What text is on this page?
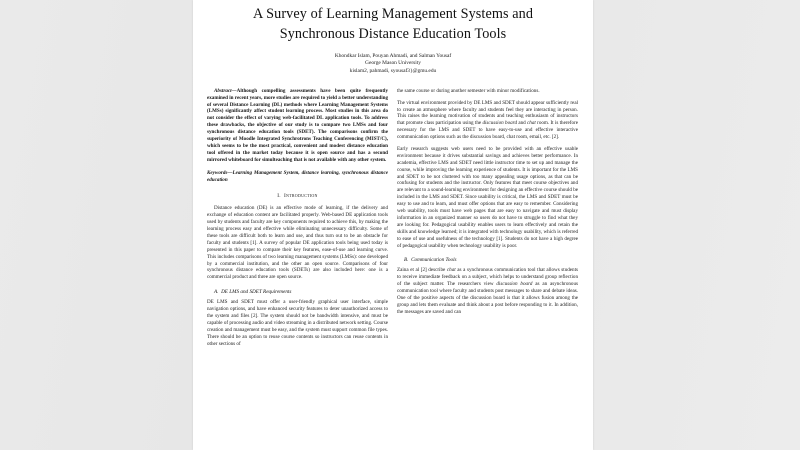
A Survey of Learning Management Systems and
Synchronous Distance Education Tools
Khondkar Islam, Pouyan Ahmadi, and Salman Yousaf
George Mason University
kislam2, pahmadi, syousaf3}@gmu.edu

Abstract—Although compelling assessments have been quite frequently examined in recent years, more studies are required to yield a better understanding of several Distance Learning (DL) methods where Learning Management Systems (LMSs) significantly affect student learning process. Most studies in this area do not consider the effect of varying web-facilitated DL application tools. To address these drawbacks, the objective of our study is to compare two LMSs and four synchronous distance education tools (SDET). The comparisons confirm the superiority of Moodle Integrated Synchrotrons Teaching Conferencing (MIST/C), which seems to be the most practical, convenient and modest distance education tool offered in the market today because it is open source and has a second mirrored whiteboard for simulteaching that is not available with any other system.

Keywords—Learning Management System, distance learning, synchronous distance education

I. Introduction

Distance education (DE) is an effective mode of learning, if the delivery and exchange of education content are facilitated properly. Web-based DE application tools used by students and faculty are key components required to achieve this, by making the learning process easy and effective while eliminating unnecessary difficulty. Some of these tools are difficult both to learn and use, and thus turn out to be an obstacle for faculty and students [1]. A survey of popular DE application tools being used today is presented in this paper to compare their key features, ease-of-use and learning curve. This includes comparisons of two learning management systems (LMSs): one developed by a commercial institution, and the other an open source. Comparisons of four synchronous distance education tools (SDETs) are also included here: one is a commercial product and three are open source.

A. DE LMS and SDET Requirements

DE LMS and SDET must offer a user-friendly graphical user interface, simple navigation options, and have enhanced security features to deter unauthorized access to the system and files [2]. The system should not be bandwidth intensive, and must be capable of processing audio and video streaming in a distributed network setting. Course creation and management must be easy, and the system must support common file types. There should be an option to reuse course contents so instructors can reuse contents in other sections of

the same course or during another semester with minor modifications.

The virtual environment provided by DE LMS and SDET should appear sufficiently real to create an atmosphere where faculty and students feel they are interacting in person. This raises the learning motivation of students and teaching enthusiasm of instructors that promote class participation using the discussion board and chat room. It is therefore necessary for the LMS and SDET to have easy-to-use and effective interactive communication options such as the discussion board, chat room, email, etc. [2].

Early research suggests web users need to be provided with an effective usable environment because it drives substantial savings and achieves better performance. In academia, effective LMS and SDET need little instructor time to set up and manage the course, while improving the learning experience of students. It is important for the LMS and SDET to be not cluttered with too many appealing usage options, as that can be confusing for students and the instructor. Only features that meet course objectives and are relevant to a sound-learning environment for designing an effective course should be included in the LMS and SDET. Since usability is critical, the LMS and SDET must be easy to use and to learn, and must offer options that are easy to remember. Considering web usability, tools must have web pages that are easy to navigate and must display information in an organized manner so users do not have to struggle to find what they are looking for. Pedagogical usability enables users to learn effectively and retain the skills and knowledge learned; it is integrated with technology usability, which is referred to ease of use and usefulness of the technology [1]. Students do not have a high degree of pedagogical usability when technology usability is poor.

B. Communication Tools

Zaina et al [2] describe chat as a synchronous communication tool that allows students to receive immediate feedback on a subject, which helps to understand group reflection of the subject matter. The researchers view discussion board as an asynchronous communication tool where faculty and students post messages to share and debate ideas. One of the positive aspects of the discussion board is that it allows fusion among the group and lets them evaluate and think about a post before responding to it. In addition, the messages are saved and can
